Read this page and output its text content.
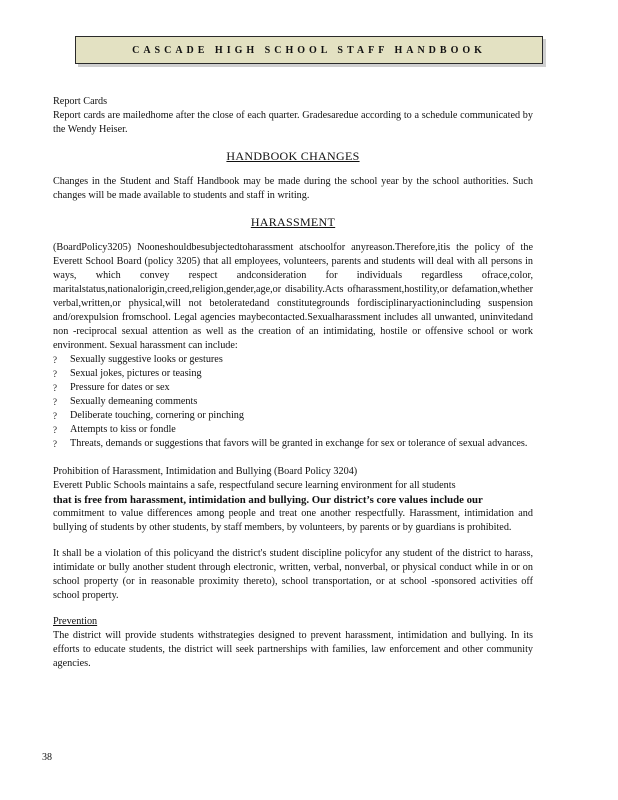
CASCADE HIGH SCHOOL STAFF HANDBOOK
Report Cards

Report cards are mailedhome after the close of each quarter. Gradesaredue according to a schedule communicated by the Wendy Heiser.

HANDBOOK CHANGES

Changes in the Student and Staff Handbook may be made during the school year by the school authorities. Such changes will be made available to students and staff in writing.

HARASSMENT

(BoardPolicy3205) Nooneshouldbesubjectedtoharassment atschoolfor anyreason.Therefore,itis the policy of the Everett School Board (policy 3205) that all employees, volunteers, parents and students will deal with all persons in ways, which convey respect andconsideration for individuals regardless ofrace,color, maritalstatus,nationalorigin,creed,religion,gender,age,or disability.Acts ofharassment,hostility,or defamation,whether verbal,written,or physical,will not betoleratedand constitutegrounds fordisciplinaryactionincluding suspension and/orexpulsion fromschool. Legal agencies maybecontacted.Sexualharassment includes all unwanted, uninvitedand non -reciprocal sexual attention as well as the creation of an intimidating, hostile or offensive school or work environment. Sexual harassment can include:

?	Sexually suggestive looks or gestures
?	Sexual jokes, pictures or teasing
?	Pressure for dates or sex
?	Sexually demeaning comments
?	Deliberate touching, cornering or pinching
?	Attempts to kiss or fondle
?	Threats, demands or suggestions that favors will be granted in exchange for sex or tolerance of sexual advances.
Prohibition of Harassment, Intimidation and Bullying (Board Policy 3204)
Everett Public Schools maintains a safe, respectfuland secure learning environment for all students
that is free from harassment, intimidation and bullying. Our district’s core values include our

commitment to value differences among people and treat one another respectfully. Harassment, intimidation and bullying of students by other students, by staff members, by volunteers, by parents or by guardians is prohibited.

It shall be a violation of this policyand the district's student discipline policyfor any student of the district to harass, intimidate or bully another student through electronic, written, verbal, nonverbal, or physical conduct while in or on school property (or in reasonable proximity thereto), school transportation, or at school -sponsored activities off school property.

Prevention

The district will provide students withstrategies designed to prevent harassment, intimidation and bullying. In its efforts to educate students, the district will seek partnerships with families, law enforcement and other community agencies.

38
